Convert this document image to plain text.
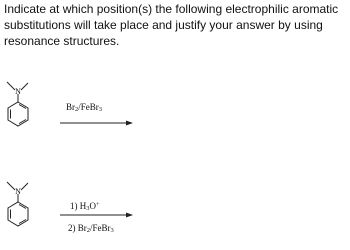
Indicate at which position(s) the following electrophilic aromatic substitutions will take place and justify your answer by using resonance structures.

N
Br2/FeBr3
N
1) H3O+
2) Br2/FeBr3
